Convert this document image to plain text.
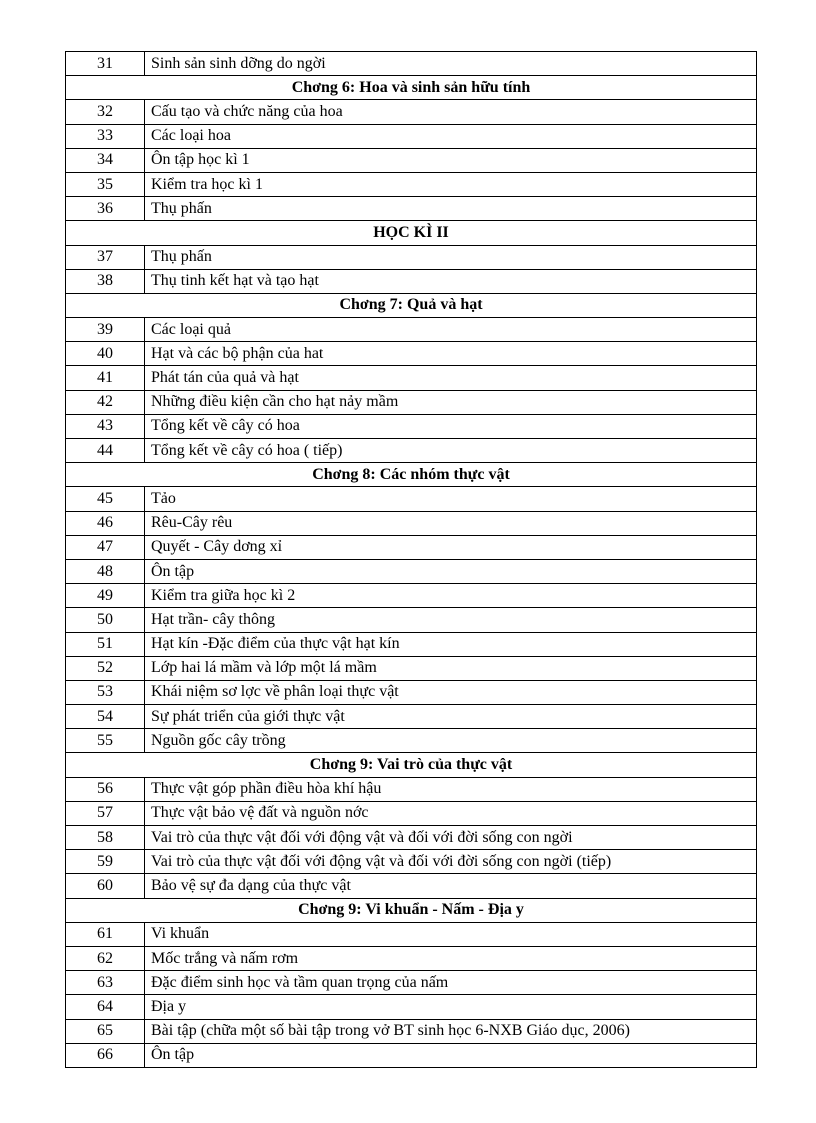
31	Sinh sản sinh dỡng do ngời
Chơng 6: Hoa và sinh sản hữu tính	
32	Cấu tạo và chức năng của hoa
33	Các loại hoa
34	Ôn tập học kì 1
35	Kiểm tra học kì 1
36	Thụ phấn
HỌC KÌ II	
37	Thụ phấn
38	Thụ tinh kết hạt và tạo hạt
Chơng 7: Quả và hạt	
39	Các loại quả
40	Hạt và các bộ phận của hat
41	Phát tán của quả và hạt
42	Những điều kiện cần cho hạt nảy mầm
43	Tổng kết về cây có hoa
44	Tổng kết về cây có hoa ( tiếp)
Chơng 8: Các nhóm thực vật	
45	Tảo
46	Rêu-Cây rêu
47	Quyết - Cây dơng xỉ
48	Ôn tập
49	Kiểm tra giữa học kì 2
50	Hạt trần- cây thông
51	Hạt kín -Đặc điểm của thực vật hạt kín
52	Lớp hai lá mầm và lớp một lá mầm
53	Khái niệm sơ lợc về phân loại thực vật
54	Sự phát triển của giới thực vật
55	Nguồn gốc cây trồng
Chơng 9: Vai trò của thực vật	
56	Thực vật góp phần điều hòa khí hậu
57	Thực vật bảo vệ đất và nguồn nớc
58	Vai trò của thực vật đối với động vật và đối với đời sống con ngời
59	Vai trò của thực vật đối với động vật và đối với đời sống con ngời (tiếp)
60	Bảo vệ sự đa dạng của thực vật
Chơng 9: Vi khuẩn - Nấm - Địa y	
61	Vi khuẩn
62	Mốc trắng và nấm rơm
63	Đặc điểm sinh học và tầm quan trọng của nấm
64	Địa y
65	Bài tập (chữa một số bài tập trong vở BT sinh học 6-NXB Giáo dục, 2006)
66	Ôn tập
